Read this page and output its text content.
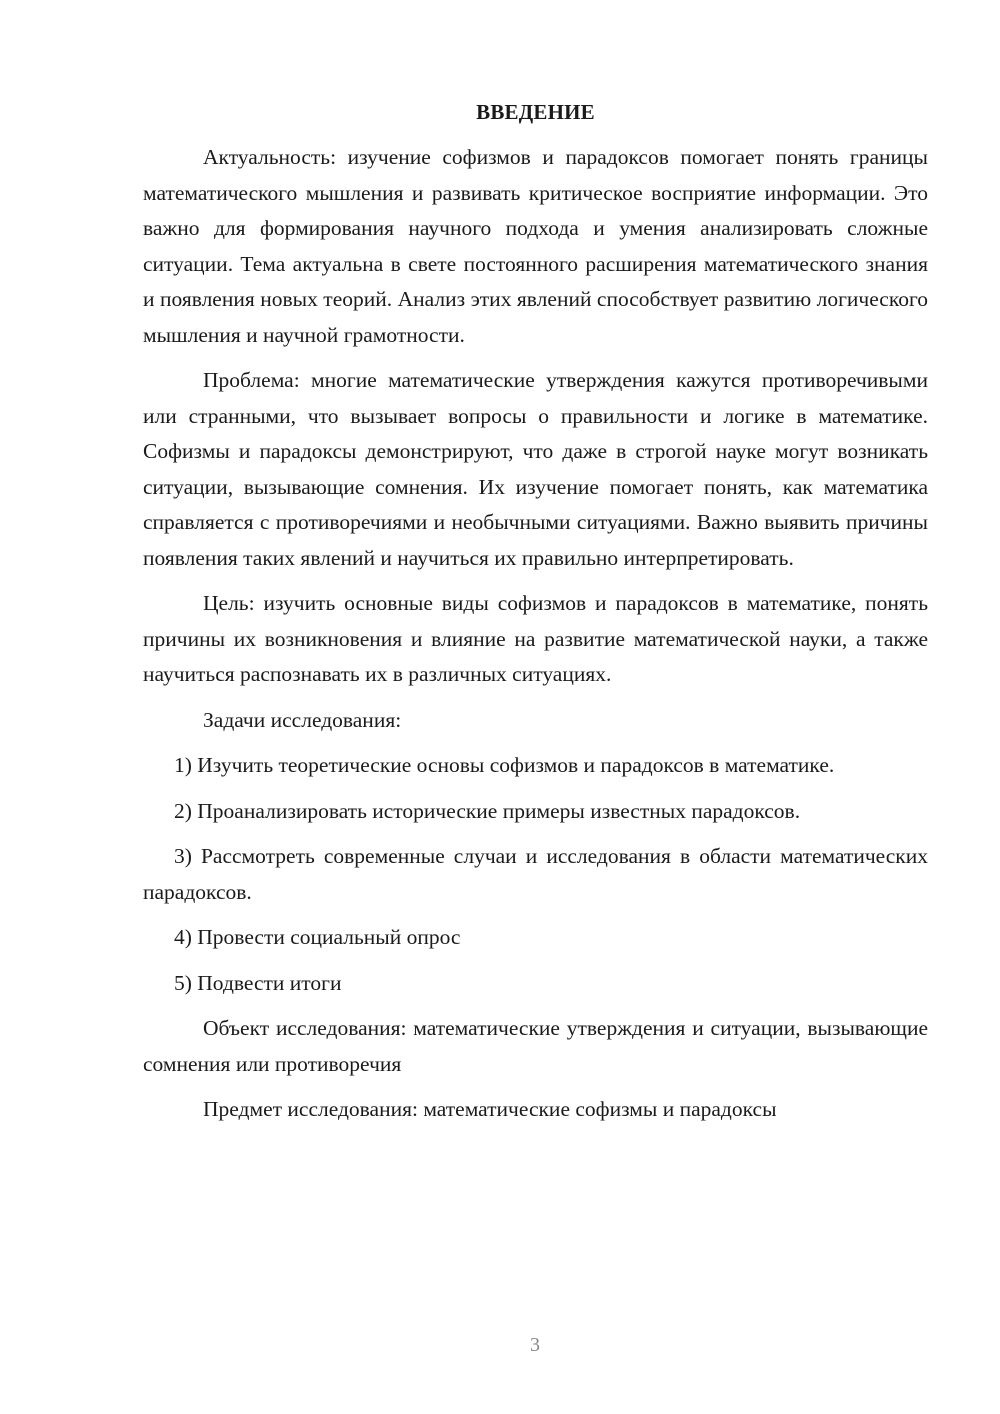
ВВЕДЕНИЕ

Актуальность: изучение софизмов и парадоксов помогает понять границы математического мышления и развивать критическое восприятие информации. Это важно для формирования научного подхода и умения анализировать сложные ситуации. Тема актуальна в свете постоянного расширения математического знания и появления новых теорий. Анализ этих явлений способствует развитию логического мышления и научной грамотности.

Проблема: многие математические утверждения кажутся противоречивыми или странными, что вызывает вопросы о правильности и логике в математике. Софизмы и парадоксы демонстрируют, что даже в строгой науке могут возникать ситуации, вызывающие сомнения. Их изучение помогает понять, как математика справляется с противоречиями и необычными ситуациями. Важно выявить причины появления таких явлений и научиться их правильно интерпретировать.

Цель: изучить основные виды софизмов и парадоксов в математике, понять причины их возникновения и влияние на развитие математической науки, а также научиться распознавать их в различных ситуациях.

Задачи исследования:

1) Изучить теоретические основы софизмов и парадоксов в математике.

2) Проанализировать исторические примеры известных парадоксов.

3) Рассмотреть современные случаи и исследования в области математических парадоксов.

4) Провести социальный опрос

5) Подвести итоги

Объект исследования: математические утверждения и ситуации, вызывающие сомнения или противоречия

Предмет исследования: математические софизмы и парадоксы

3
